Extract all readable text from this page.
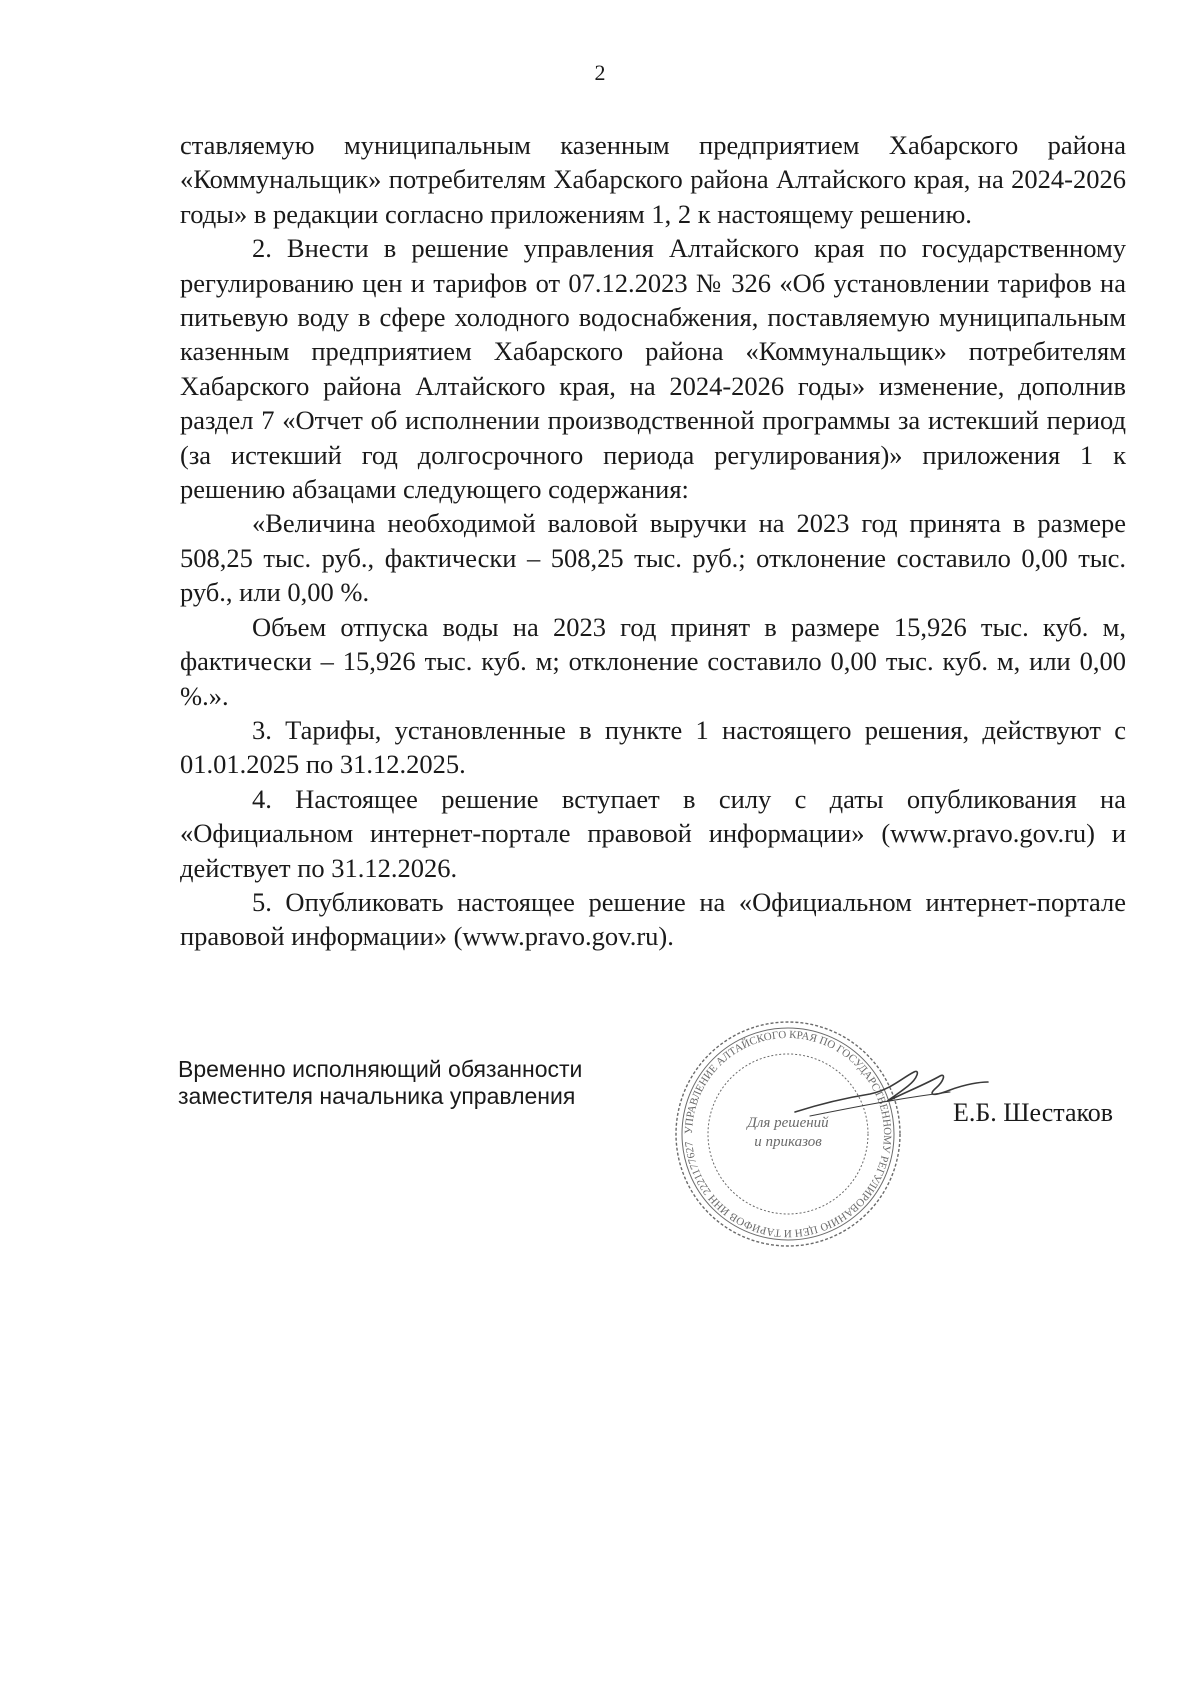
2

ставляемую муниципальным казенным предприятием Хабарского района «Коммунальщик» потребителям Хабарского района Алтайского края, на 2024-2026 годы» в редакции согласно приложениям 1, 2 к настоящему решению.

2. Внести в решение управления Алтайского края по государственному регулированию цен и тарифов от 07.12.2023 № 326 «Об установлении тарифов на питьевую воду в сфере холодного водоснабжения, поставляемую муниципальным казенным предприятием Хабарского района «Коммунальщик» потребителям Хабарского района Алтайского края, на 2024-2026 годы» изменение, дополнив раздел 7 «Отчет об исполнении производственной программы за истекший период (за истекший год долгосрочного периода регулирования)» приложения 1 к решению абзацами следующего содержания:

«Величина необходимой валовой выручки на 2023 год принята в размере 508,25 тыс. руб., фактически – 508,25 тыс. руб.; отклонение составило 0,00 тыс. руб., или 0,00 %.

Объем отпуска воды на 2023 год принят в размере 15,926 тыс. куб. м, фактически – 15,926 тыс. куб. м; отклонение составило 0,00 тыс. куб. м, или 0,00 %.».

3. Тарифы, установленные в пункте 1 настоящего решения, действуют с 01.01.2025 по 31.12.2025.

4. Настоящее решение вступает в силу с даты опубликования на «Официальном интернет-портале правовой информации» (www.pravo.gov.ru) и действует по 31.12.2026.

5. Опубликовать настоящее решение на «Официальном интернет-портале правовой информации» (www.pravo.gov.ru).

Временно исполняющий обязанности
заместителя начальника управления
УПРАВЛЕНИЕ АЛТАЙСКОГО КРАЯ ПО ГОСУДАРСТВЕННОМУ РЕГУЛИРОВАНИЮ ЦЕН И ТАРИФОВ ИНН 2221177627
Для решений
и приказов
Е.Б. Шестаков
